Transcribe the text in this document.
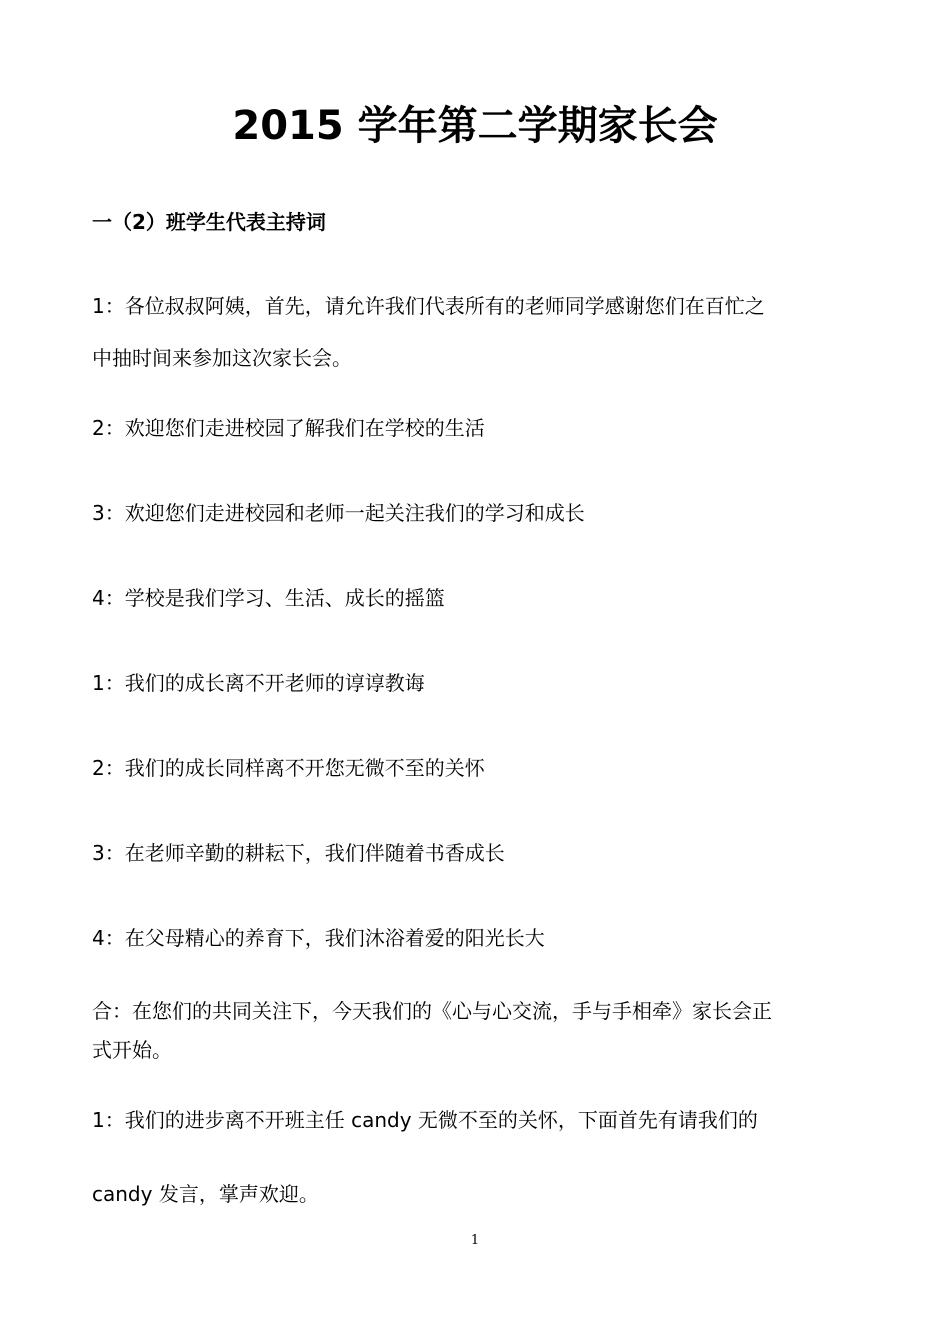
2015 学年第二学期家长会
一（2）班学生代表主持词
1：各位叔叔阿姨，首先，请允许我们代表所有的老师同学感谢您们在百忙之
中抽时间来参加这次家长会。
2：欢迎您们走进校园了解我们在学校的生活
3：欢迎您们走进校园和老师一起关注我们的学习和成长
4：学校是我们学习、生活、成长的摇篮
1：我们的成长离不开老师的谆谆教诲
2：我们的成长同样离不开您无微不至的关怀
3：在老师辛勤的耕耘下，我们伴随着书香成长
4：在父母精心的养育下，我们沐浴着爱的阳光长大
合：在您们的共同关注下，今天我们的《心与心交流，手与手相牵》家长会正
式开始。
1：我们的进步离不开班主任 candy 无微不至的关怀，下面首先有请我们的
candy 发言，掌声欢迎。
1
